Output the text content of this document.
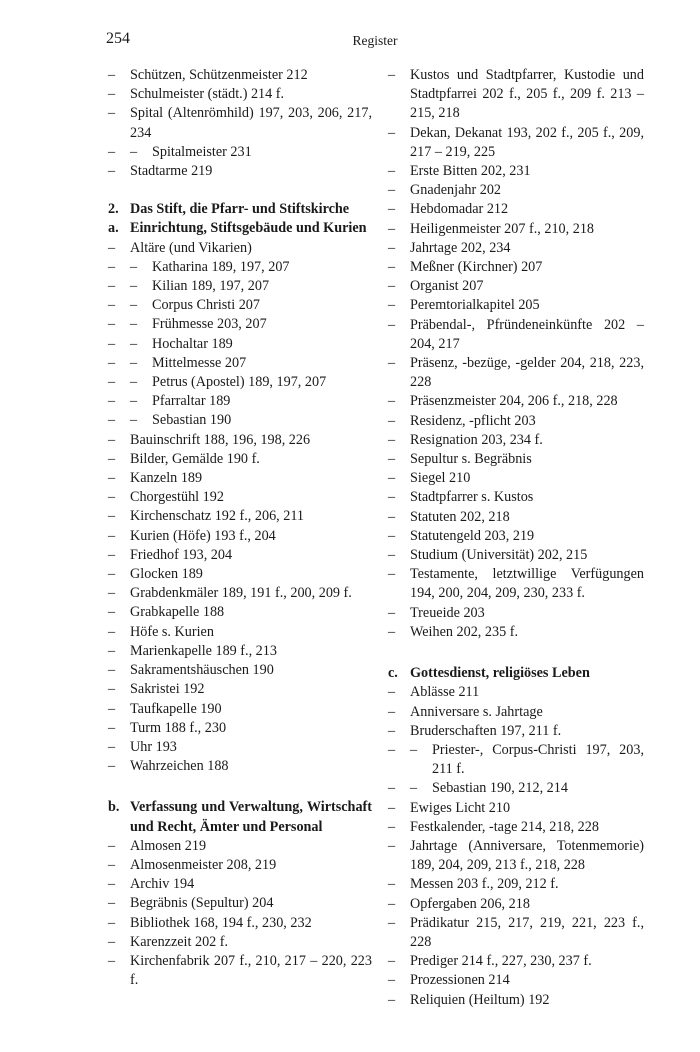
254	Register

– Schützen, Schützenmeister 212

– Schulmeister (städt.) 214 f.

– Spital (Altenrömhild) 197, 203, 206, 217, 234

– – Spitalmeister 231

– Stadtarme 219

2. Das Stift, die Pfarr- und Stiftskirche

a. Einrichtung, Stiftsgebäude und Kurien

– Altäre (und Vikarien)

– – Katharina 189, 197, 207

– – Kilian 189, 197, 207

– – Corpus Christi 207

– – Frühmesse 203, 207

– – Hochaltar 189

– – Mittelmesse 207

– – Petrus (Apostel) 189, 197, 207

– – Pfarraltar 189

– – Sebastian 190

– Bauinschrift 188, 196, 198, 226

– Bilder, Gemälde 190 f.

– Kanzeln 189

– Chorgestühl 192

– Kirchenschatz 192 f., 206, 211

– Kurien (Höfe) 193 f., 204

– Friedhof 193, 204

– Glocken 189

– Grabdenkmäler 189, 191 f., 200, 209 f.

– Grabkapelle 188

– Höfe s. Kurien

– Marienkapelle 189 f., 213

– Sakramentshäuschen 190

– Sakristei 192

– Taufkapelle 190

– Turm 188 f., 230

– Uhr 193

– Wahrzeichen 188

b. Verfassung und Verwaltung, Wirtschaft und Recht, Ämter und Personal

– Almosen 219

– Almosenmeister 208, 219

– Archiv 194

– Begräbnis (Sepultur) 204

– Bibliothek 168, 194 f., 230, 232

– Karenzzeit 202 f.

– Kirchenfabrik 207 f., 210, 217 – 220, 223 f.

– Kustos und Stadtpfarrer, Kustodie und Stadtpfarrei 202 f., 205 f., 209 f. 213 – 215, 218

– Dekan, Dekanat 193, 202 f., 205 f., 209, 217 – 219, 225

– Erste Bitten 202, 231

– Gnadenjahr 202

– Hebdomadar 212

– Heiligenmeister 207 f., 210, 218

– Jahrtage 202, 234

– Meßner (Kirchner) 207

– Organist 207

– Peremtorialkapitel 205

– Präbendal-, Pfründeneinkünfte 202 – 204, 217

– Präsenz, -bezüge, -gelder 204, 218, 223, 228

– Präsenzmeister 204, 206 f., 218, 228

– Residenz, -pflicht 203

– Resignation 203, 234 f.

– Sepultur s. Begräbnis

– Siegel 210

– Stadtpfarrer s. Kustos

– Statuten 202, 218

– Statutengeld 203, 219

– Studium (Universität) 202, 215

– Testamente, letztwillige Verfügungen 194, 200, 204, 209, 230, 233 f.

– Treueide 203

– Weihen 202, 235 f.

c. Gottesdienst, religiöses Leben

– Ablässe 211

– Anniversare s. Jahrtage

– Bruderschaften 197, 211 f.

– – Priester-, Corpus-Christi 197, 203, 211 f.

– – Sebastian 190, 212, 214

– Ewiges Licht 210

– Festkalender, -tage 214, 218, 228

– Jahrtage (Anniversare, Totenmemorie) 189, 204, 209, 213 f., 218, 228

– Messen 203 f., 209, 212 f.

– Opfergaben 206, 218

– Prädikatur 215, 217, 219, 221, 223 f., 228

– Prediger 214 f., 227, 230, 237 f.

– Prozessionen 214

– Reliquien (Heiltum) 192
